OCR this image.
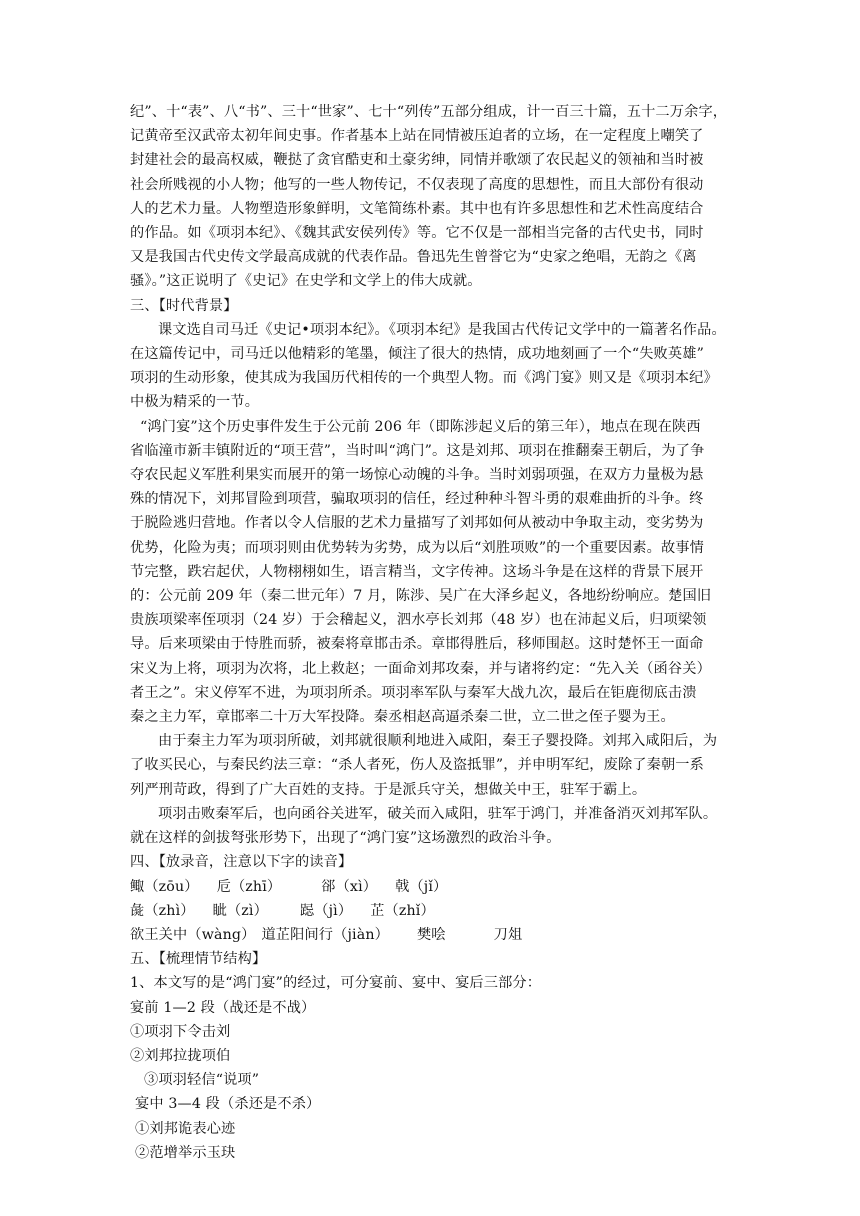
纪”、十“表”、八“书”、三十“世家”、七十“列传”五部分组成，计一百三十篇，五十二万余字，
记黄帝至汉武帝太初年间史事。作者基本上站在同情被压迫者的立场，在一定程度上嘲笑了
封建社会的最高权威，鞭挞了贪官酷吏和土豪劣绅，同情并歌颂了农民起义的领袖和当时被
社会所贱视的小人物；他写的一些人物传记，不仅表现了高度的思想性，而且大部份有很动
人的艺术力量。人物塑造形象鲜明，文笔简练朴素。其中也有许多思想性和艺术性高度结合
的作品。如《项羽本纪》、《魏其武安侯列传》等。它不仅是一部相当完备的古代史书，同时
又是我国古代史传文学最高成就的代表作品。鲁迅先生曾誉它为“史家之绝唱，无韵之《离
骚》。”这正说明了《史记》在史学和文学上的伟大成就。
三、【时代背景】
课文选自司马迁《史记•项羽本纪》。《项羽本纪》是我国古代传记文学中的一篇著名作品。
在这篇传记中，司马迁以他精彩的笔墨，倾注了很大的热情，成功地刻画了一个“失败英雄”
项羽的生动形象，使其成为我国历代相传的一个典型人物。而《鸿门宴》则又是《项羽本纪》
中极为精采的一节。
“鸿门宴”这个历史事件发生于公元前 206 年（即陈涉起义后的第三年），地点在现在陕西
省临潼市新丰镇附近的“项王营”，当时叫“鸿门”。这是刘邦、项羽在推翻秦王朝后，为了争
夺农民起义军胜利果实而展开的第一场惊心动魄的斗争。当时刘弱项强，在双方力量极为悬
殊的情况下，刘邦冒险到项营，骗取项羽的信任，经过种种斗智斗勇的艰难曲折的斗争。终
于脱险逃归营地。作者以令人信服的艺术力量描写了刘邦如何从被动中争取主动，变劣势为
优势，化险为夷；而项羽则由优势转为劣势，成为以后“刘胜项败”的一个重要因素。故事情
节完整，跌宕起伏，人物栩栩如生，语言精当，文字传神。这场斗争是在这样的背景下展开
的：公元前 209 年（秦二世元年）7 月，陈涉、吴广在大泽乡起义，各地纷纷响应。楚国旧
贵族项梁率侄项羽（24 岁）于会稽起义，泗水亭长刘邦（48 岁）也在沛起义后，归项梁领
导。后来项梁由于恃胜而骄，被秦将章邯击杀。章邯得胜后，移师围赵。这时楚怀王一面命
宋义为上将，项羽为次将，北上救赵；一面命刘邦攻秦，并与诸将约定：“先入关（函谷关）
者王之”。宋义停军不进，为项羽所杀。项羽率军队与秦军大战九次，最后在钜鹿彻底击溃
秦之主力军，章邯率二十万大军投降。秦丞相赵高逼杀秦二世，立二世之侄子婴为王。
由于秦主力军为项羽所破，刘邦就很顺利地进入咸阳，秦王子婴投降。刘邦入咸阳后，为
了收买民心，与秦民约法三章：“杀人者死，伤人及盗抵罪”，并申明军纪，废除了秦朝一系
列严刑苛政，得到了广大百姓的支持。于是派兵守关，想做关中王，驻军于霸上。
项羽击败秦军后，也向函谷关进军，破关而入咸阳，驻军于鸿门，并准备消灭刘邦军队。
就在这样的剑拔弩张形势下，出现了“鸿门宴”这场激烈的政治斗争。
四、【放录音，注意以下字的读音】
鲰（zōu） 卮（zhī）	郤（xì） 戟（jǐ）
彘（zhì） 眦（zì） 跽（jì） 芷（zhǐ）
欲王关中（wàng） 道芷阳间行（jiàn） 樊哙	刀俎
五、【梳理情节结构】
1、本文写的是“鸿门宴”的经过，可分宴前、宴中、宴后三部分：
宴前 1—2 段（战还是不战）
①项羽下令击刘
②刘邦拉拢项伯
③项羽轻信“说项”
宴中 3—4 段（杀还是不杀）
①刘邦诡表心迹
②范增举示玉玦
